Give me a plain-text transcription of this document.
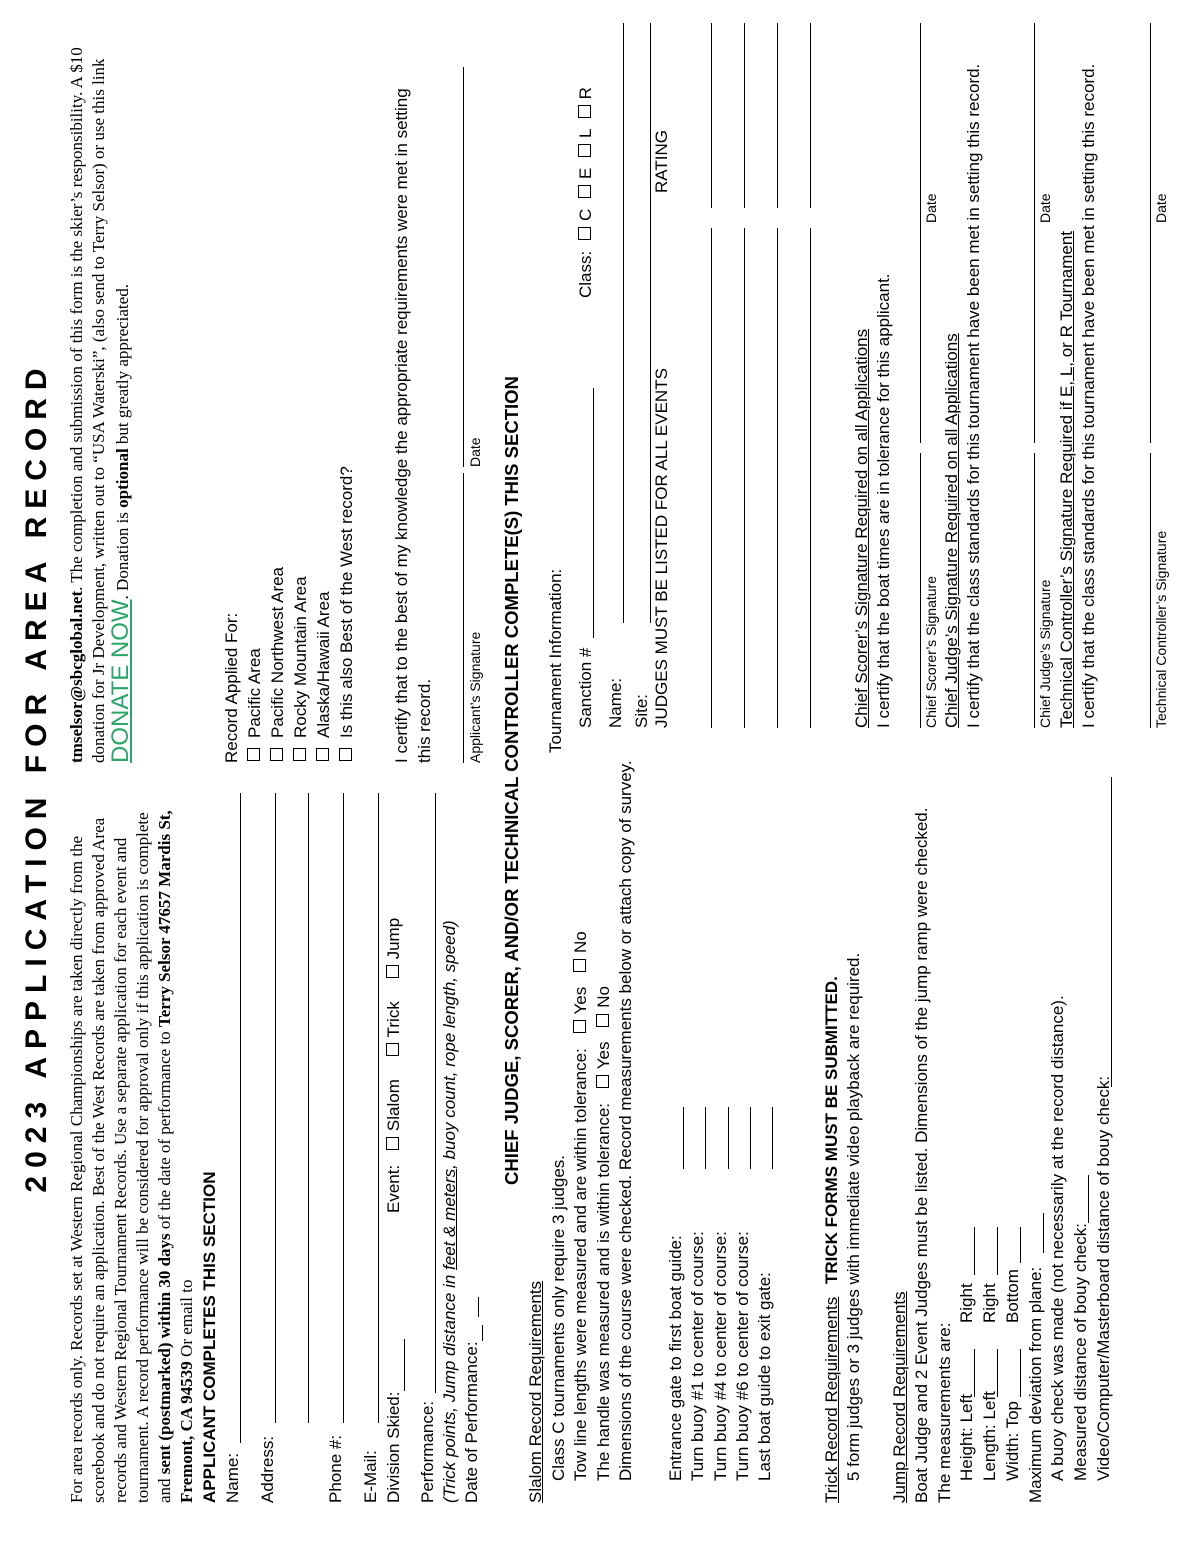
2023 APPLICATION FOR AREA RECORD For area records only. Records set at Western Regional Championships are taken directly from the scorebook and do not require an application. Best of the West Records are taken from approved Area records and Western Regional Tournament Records. Use a separate application for each event and tournament. A record performance will be considered for approval only if this application is complete and sent (postmarked) within 30 days of the date of performance to Terry Selsor 47657 Mardis St, Fremont, CA 94539 Or email to APPLICANT COMPLETES THIS SECTION Name: Address:	Phone #: E-Mail: Division Skied:
Event: Slalom Trick Jump
Performance: (Trick points, Jump distance in feet & meters, buoy count, rope length, speed)
Date of Performance:
CHIEF JUDGE, SCORER, AND/OR TECHNICAL CONTROLLER COMPLETE(S) THIS SECTION
Slalom Record Requirements Class C tournaments only require 3 judges. Tow line lengths were measured and are within tolerance: Yes No
The handle was measured and is within tolerance: Yes No Dimensions of the course were checked. Record measurements below or attach copy of survey. Entrance gate to first boat guide: Turn buoy #1 to center of course: Turn buoy #4 to center of course: Turn buoy #6 to center of course: Last boat guide to exit gate:	Trick Record Requirements TRICK FORMS MUST BE SUBMITTED. 5 form judges or 3 judges with immediate video playback are required. Jump Record Requirements Boat Judge and 2 Event Judges must be listed. Dimensions of the jump ramp were checked. The measurements are: Height: Left
Right
Length: Left
Right
Width: Top
Bottom Maximum deviation from plane: A buoy check was made (not necessarily at the record distance). Measured distance of bouy check: Video/Computer/Masterboard distance of bouy check:
tmselsor@sbcglobal.net. The completion and submission of this form is the skier’s responsibility. A $10 donation for Jr Development, written out to “USA Waterski”, (also send to Terry Selsor) or use this link DONATE NOW. Donation is optional but greatly appreciated.
Record Applied For: Pacific Area Pacific Northwest Area Rocky Mountain Area Alaska/Hawaii Area Is this also Best of the West record? I certify that to the best of my knowledge the appropriate requirements were met in setting this record. Applicant’s Signature
Date
Tournament Information: Sanction #
Class: C E L R
Name: Site: JUDGES MUST BE LISTED FOR ALL EVENTS
RATING
Chief Scorer’s Signature Required on all Applications I certify that the boat times are in tolerance for this applicant. Chief Scorer’s Signature
Date
Chief Judge’s Signature Required on all Applications I certify that the class standards for this tournament have been met in setting this record.	Chief Judge’s Signature
Date
Technical Controller’s Signature Required if E, L, or R Tournament I certify that the class standards for this tournament have been met in setting this record.	Technical Controller’s Signature
Date
